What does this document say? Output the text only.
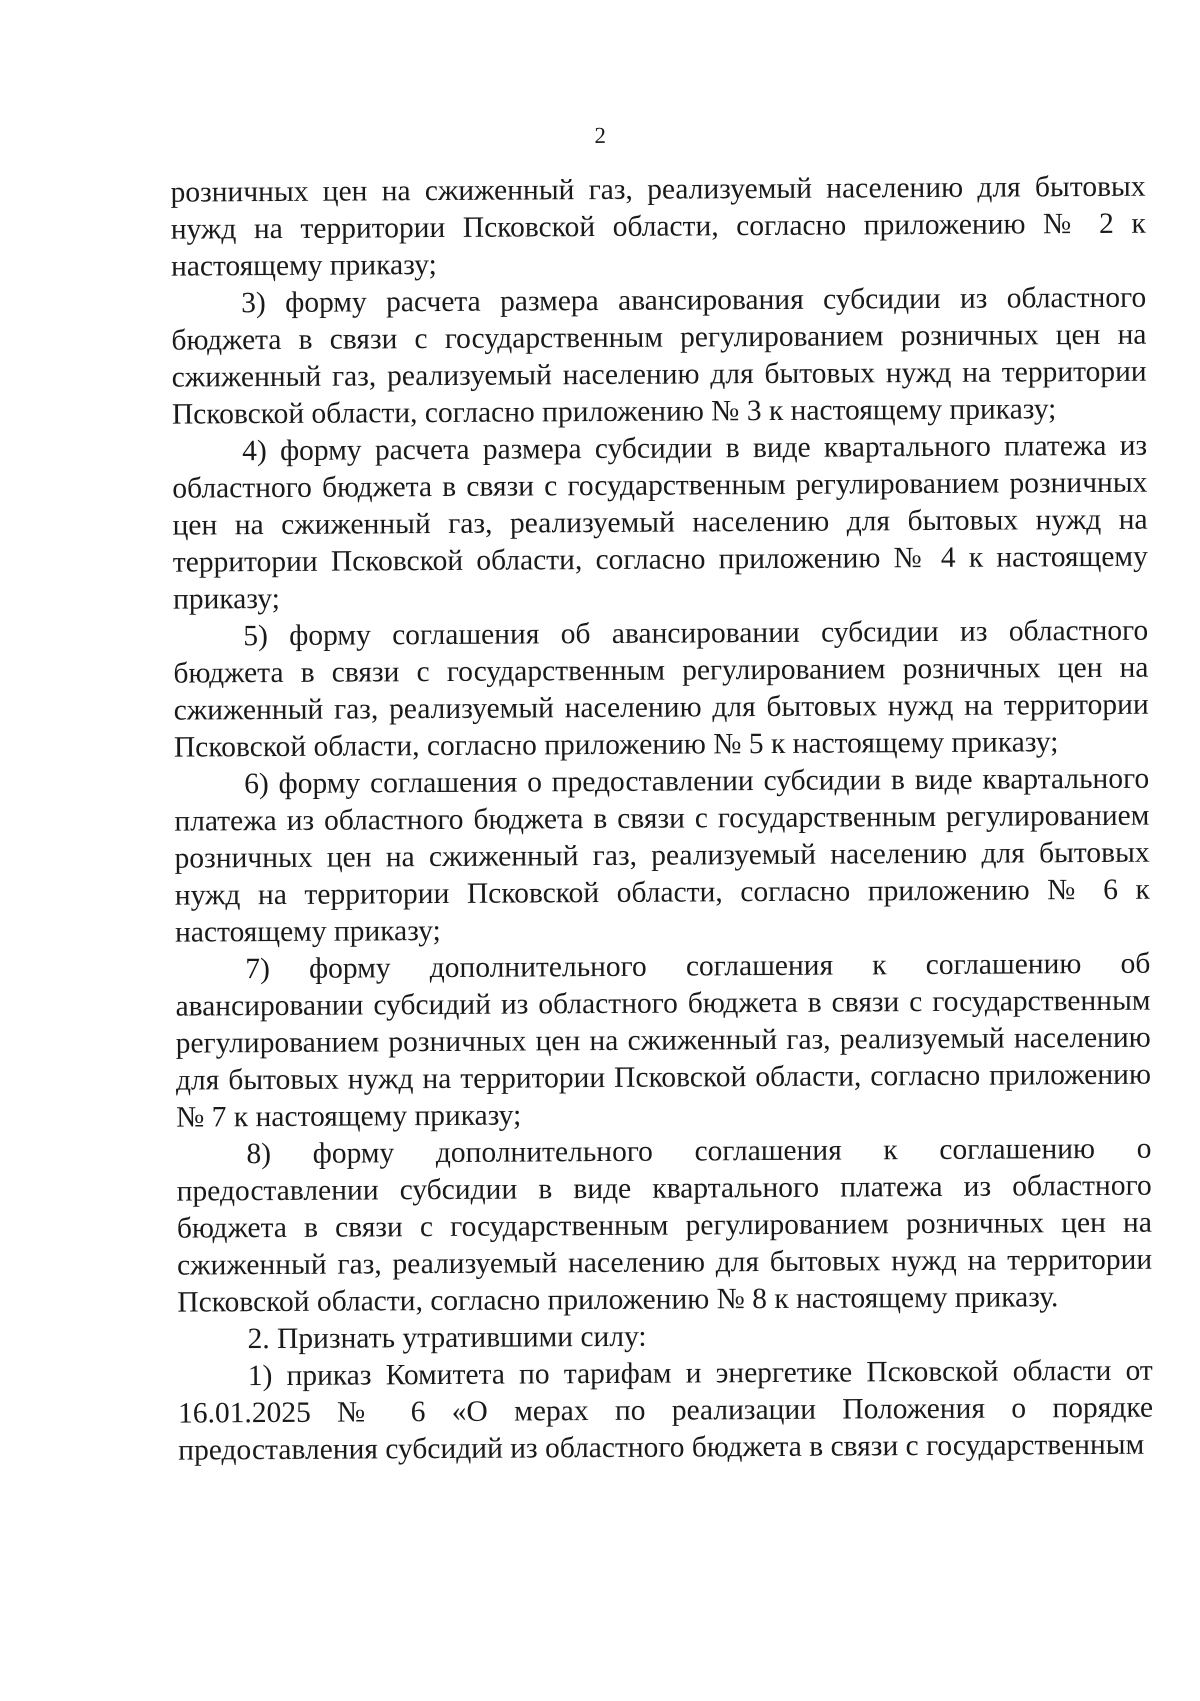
2

розничных цен на сжиженный газ, реализуемый населению для бытовых нужд на территории Псковской области, согласно приложению № 2 к настоящему приказу;

3) форму расчета размера авансирования субсидии из областного бюджета в связи с государственным регулированием розничных цен на сжиженный газ, реализуемый населению для бытовых нужд на территории Псковской области, согласно приложению № 3 к настоящему приказу;

4) форму расчета размера субсидии в виде квартального платежа из областного бюджета в связи с государственным регулированием розничных цен на сжиженный газ, реализуемый населению для бытовых нужд на территории Псковской области, согласно приложению № 4 к настоящему приказу;

5) форму соглашения об авансировании субсидии из областного бюджета в связи с государственным регулированием розничных цен на сжиженный газ, реализуемый населению для бытовых нужд на территории Псковской области, согласно приложению № 5 к настоящему приказу;

6) форму соглашения о предоставлении субсидии в виде квартального платежа из областного бюджета в связи с государственным регулированием розничных цен на сжиженный газ, реализуемый населению для бытовых нужд на территории Псковской области, согласно приложению № 6 к настоящему приказу;

7) форму дополнительного соглашения к соглашению об авансировании субсидий из областного бюджета в связи с государственным регулированием розничных цен на сжиженный газ, реализуемый населению для бытовых нужд на территории Псковской области, согласно приложению № 7 к настоящему приказу;

8) форму дополнительного соглашения к соглашению о предоставлении субсидии в виде квартального платежа из областного бюджета в связи с государственным регулированием розничных цен на сжиженный газ, реализуемый населению для бытовых нужд на территории Псковской области, согласно приложению № 8 к настоящему приказу.

2. Признать утратившими силу:

1) приказ Комитета по тарифам и энергетике Псковской области от 16.01.2025 № 6 «О мерах по реализации Положения о порядке предоставления субсидий из областного бюджета в связи с государственным
